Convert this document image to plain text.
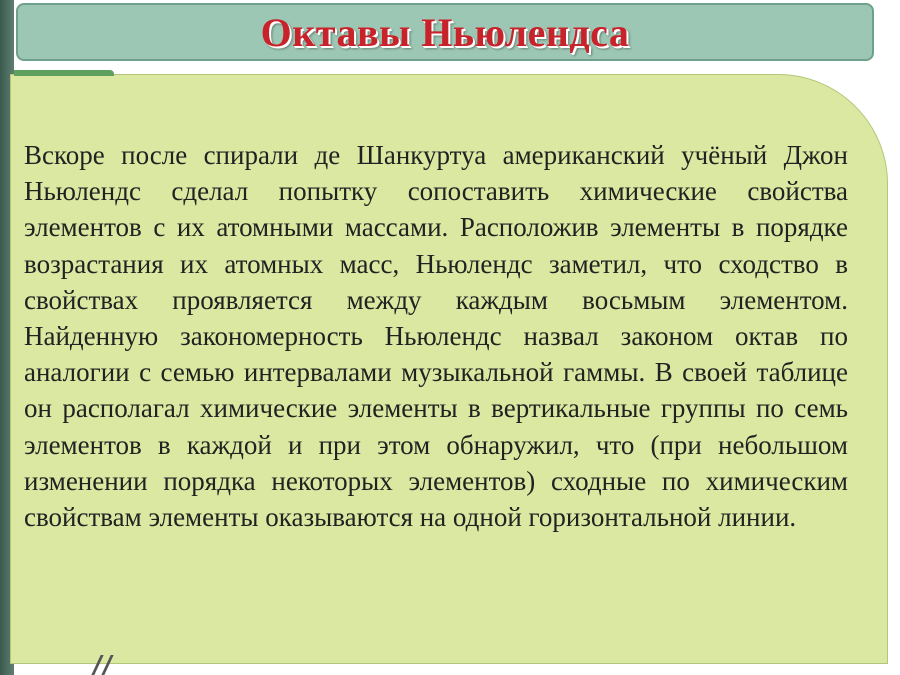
Октавы Ньюлендса

Вскоре после спирали де Шанкуртуа американский учёный Джон Ньюлендс сделал попытку сопоставить химические свойства элементов с их атомными массами. Расположив элементы в порядке возрастания их атомных масс, Ньюлендс заметил, что сходство в свойствах проявляется между каждым восьмым элементом. Найденную закономерность Ньюлендс назвал законом октав по аналогии с семью интервалами музыкальной гаммы. В своей таблице он располагал химические элементы в вертикальные группы по семь элементов в каждой и при этом обнаружил, что (при небольшом изменении порядка некоторых элементов) сходные по химическим свойствам элементы оказываются на одной горизонтальной линии.
